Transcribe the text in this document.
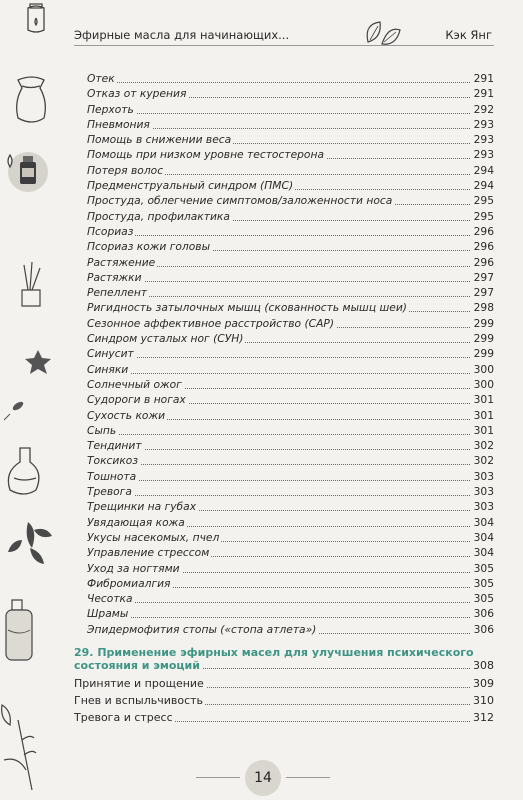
Эфирные масла для начинающих...	Кэк Янг
Отек	291
Отказ от курения	291
Перхоть	292
Пневмония	293
Помощь в снижении веса	293
Помощь при низком уровне тестостерона	293
Потеря волос	294
Предменструальный синдром (ПМС)	294
Простуда, облегчение симптомов/заложенности носа	295
Простуда, профилактика	295
Псориаз	296
Псориаз кожи головы	296
Растяжение	296
Растяжки	297
Репеллент	297
Ригидность затылочных мышц (скованность мышц шеи)	298
Сезонное аффективное расстройство (САР)	299
Синдром усталых ног (СУН)	299
Синусит	299
Синяки	300
Солнечный ожог	300
Судороги в ногах	301
Сухость кожи	301
Сыпь	301
Тендинит	302
Токсикоз	302
Тошнота	303
Тревога	303
Трещинки на губах	303
Увядающая кожа	304
Укусы насекомых, пчел	304
Управление стрессом	304
Уход за ногтями	305
Фибромиалгия	305
Чесотка	305
Шрамы	306
Эпидермофития стопы («стопа атлета»)	306
29. Применение эфирных масел для улучшения психического
состояния и эмоций	308
Принятие и прощение	309
Гнев и вспыльчивость	310
Тревога и стресс	312
14
